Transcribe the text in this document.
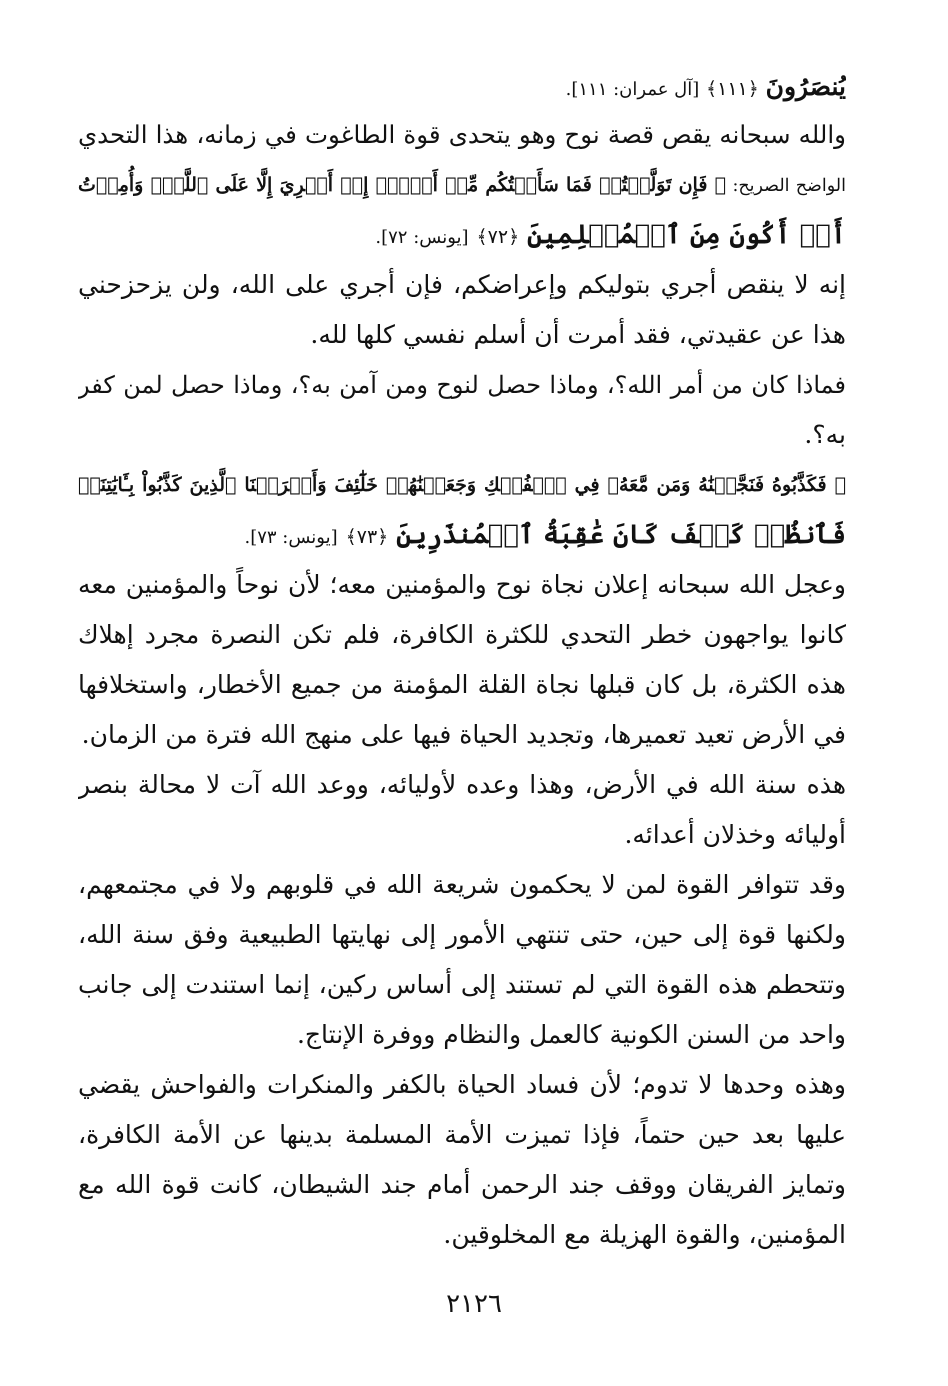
يُنصَرُونَ ﴿١١١﴾ [آل عمران: ١١١].
والله سبحانه يقص قصة نوح وهو يتحدى قوة الطاغوت في زمانه، هذا التحدي
الواضح الصريح: ﴿ فَإِن تَوَلَّيۡتُمۡ فَمَا سَأَلۡتُكُم مِّنۡ أَجۡرٍۖ إِنۡ أَجۡرِيَ إِلَّا عَلَى ٱللَّهِۖ وَأُمِرۡتُ
أَنۡ أَكُونَ مِنَ ٱلۡمُسۡلِمِينَ ﴿٧٢﴾ [يونس: ٧٢].
إنه لا ينقص أجري بتوليكم وإعراضكم، فإن أجري على الله، ولن يزحزحني
هذا عن عقيدتي، فقد أمرت أن أسلم نفسي كلها لله.
فماذا كان من أمر الله؟، وماذا حصل لنوح ومن آمن به؟، وماذا حصل لمن كفر
به؟.
﴿ فَكَذَّبُوهُ فَنَجَّيۡنَٰهُ وَمَن مَّعَهُۥ فِي ٱلۡفُلۡكِ وَجَعَلۡنَٰهُمۡ خَلَٰٓئِفَ وَأَغۡرَقۡنَا ٱلَّذِينَ كَذَّبُواْ بِـَٔايَٰتِنَاۖ
فَٱنظُرۡ كَيۡفَ كَانَ عَٰقِبَةُ ٱلۡمُنذَرِينَ ﴿٧٣﴾ [يونس: ٧٣].
وعجل الله سبحانه إعلان نجاة نوح والمؤمنين معه؛ لأن نوحاً والمؤمنين معه
كانوا يواجهون خطر التحدي للكثرة الكافرة، فلم تكن النصرة مجرد إهلاك
هذه الكثرة، بل كان قبلها نجاة القلة المؤمنة من جميع الأخطار، واستخلافها
في الأرض تعيد تعميرها، وتجديد الحياة فيها على منهج الله فترة من الزمان.
هذه سنة الله في الأرض، وهذا وعده لأوليائه، ووعد الله آت لا محالة بنصر
أوليائه وخذلان أعدائه.
وقد تتوافر القوة لمن لا يحكمون شريعة الله في قلوبهم ولا في مجتمعهم،
ولكنها قوة إلى حين، حتى تنتهي الأمور إلى نهايتها الطبيعية وفق سنة الله،
وتتحطم هذه القوة التي لم تستند إلى أساس ركين، إنما استندت إلى جانب
واحد من السنن الكونية كالعمل والنظام ووفرة الإنتاج.
وهذه وحدها لا تدوم؛ لأن فساد الحياة بالكفر والمنكرات والفواحش يقضي
عليها بعد حين حتماً، فإذا تميزت الأمة المسلمة بدينها عن الأمة الكافرة،
وتمايز الفريقان ووقف جند الرحمن أمام جند الشيطان، كانت قوة الله مع
المؤمنين، والقوة الهزيلة مع المخلوقين.
٢١٢٦
